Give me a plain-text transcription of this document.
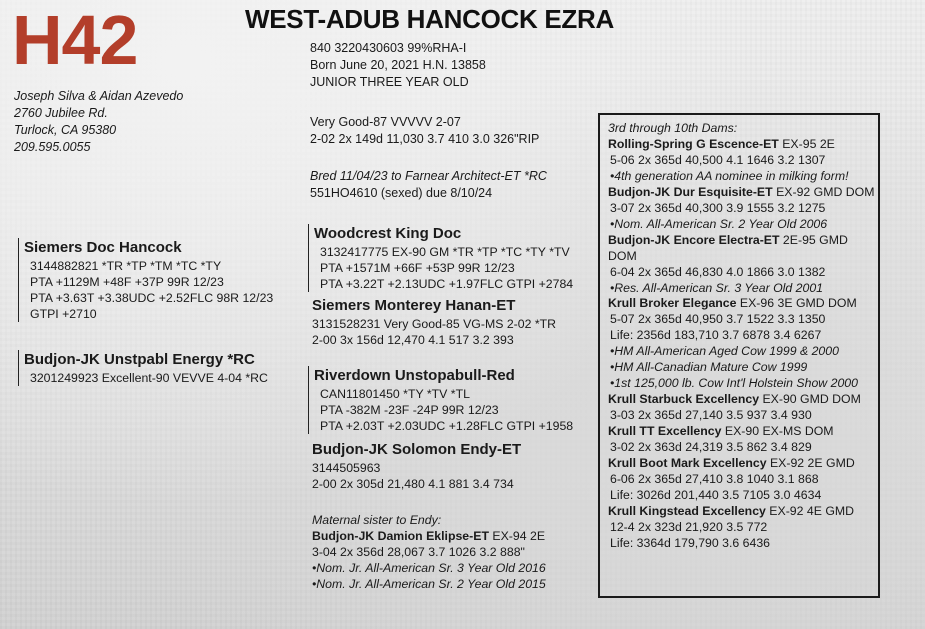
H42	WEST-ADUB HANCOCK EZRA
840 3220430603 99%RHA-I
Born June 20, 2021 H.N. 13858
JUNIOR THREE YEAR OLD
Joseph Silva & Aidan Azevedo
2760 Jubilee Rd.
Turlock, CA 95380
209.595.0055
Very Good-87 VVVVV 2-07
2-02 2x 149d 11,030 3.7 410 3.0 326"RIP
Bred 11/04/23 to Farnear Architect-ET *RC
551HO4610 (sexed) due 8/10/24
Siemers Doc Hancock
3144882821 *TR *TP *TM *TC *TY
PTA +1129M +48F +37P 99R 12/23
PTA +3.63T +3.38UDC +2.52FLC 98R 12/23
GTPI +2710
Budjon-JK Unstpabl Energy *RC
3201249923 Excellent-90 VEVVE 4-04 *RC
Woodcrest King Doc
3132417775 EX-90 GM *TR *TP *TC *TY *TV
PTA +1571M +66F +53P 99R 12/23
PTA +3.22T +2.13UDC +1.97FLC GTPI +2784
Siemers Monterey Hanan-ET
3131528231 Very Good-85 VG-MS 2-02 *TR
2-00 3x 156d 12,470 4.1 517 3.2 393
Riverdown Unstopabull-Red
CAN11801450 *TY *TV *TL
PTA -382M -23F -24P 99R 12/23
PTA +2.03T +2.03UDC +1.28FLC GTPI +1958
Budjon-JK Solomon Endy-ET
3144505963
2-00 2x 305d 21,480 4.1 881 3.4 734
Maternal sister to Endy:
Budjon-JK Damion Eklipse-ET EX-94 2E
3-04 2x 356d 28,067 3.7 1026 3.2 888"
•Nom. Jr. All-American Sr. 3 Year Old 2016
•Nom. Jr. All-American Sr. 2 Year Old 2015
3rd through 10th Dams:
Rolling-Spring G Escence-ET EX-95 2E
5-06 2x 365d 40,500 4.1 1646 3.2 1307
•4th generation AA nominee in milking form!
Budjon-JK Dur Esquisite-ET EX-92 GMD DOM
3-07 2x 365d 40,300 3.9 1555 3.2 1275
•Nom. All-American Sr. 2 Year Old 2006
Budjon-JK Encore Electra-ET 2E-95 GMD DOM
6-04 2x 365d 46,830 4.0 1866 3.0 1382
•Res. All-American Sr. 3 Year Old 2001
Krull Broker Elegance EX-96 3E GMD DOM
5-07 2x 365d 40,950 3.7 1522 3.3 1350
Life: 2356d 183,710 3.7 6878 3.4 6267
•HM All-American Aged Cow 1999 & 2000
•HM All-Canadian Mature Cow 1999
•1st 125,000 lb. Cow Int'l Holstein Show 2000
Krull Starbuck Excellency EX-90 GMD DOM
3-03 2x 365d 27,140 3.5 937 3.4 930
Krull TT Excellency EX-90 EX-MS DOM
3-02 2x 363d 24,319 3.5 862 3.4 829
Krull Boot Mark Excellency EX-92 2E GMD
6-06 2x 365d 27,410 3.8 1040 3.1 868
Life: 3026d 201,440 3.5 7105 3.0 4634
Krull Kingstead Excellency EX-92 4E GMD
12-4 2x 323d 21,920 3.5 772
Life: 3364d 179,790 3.6 6436
